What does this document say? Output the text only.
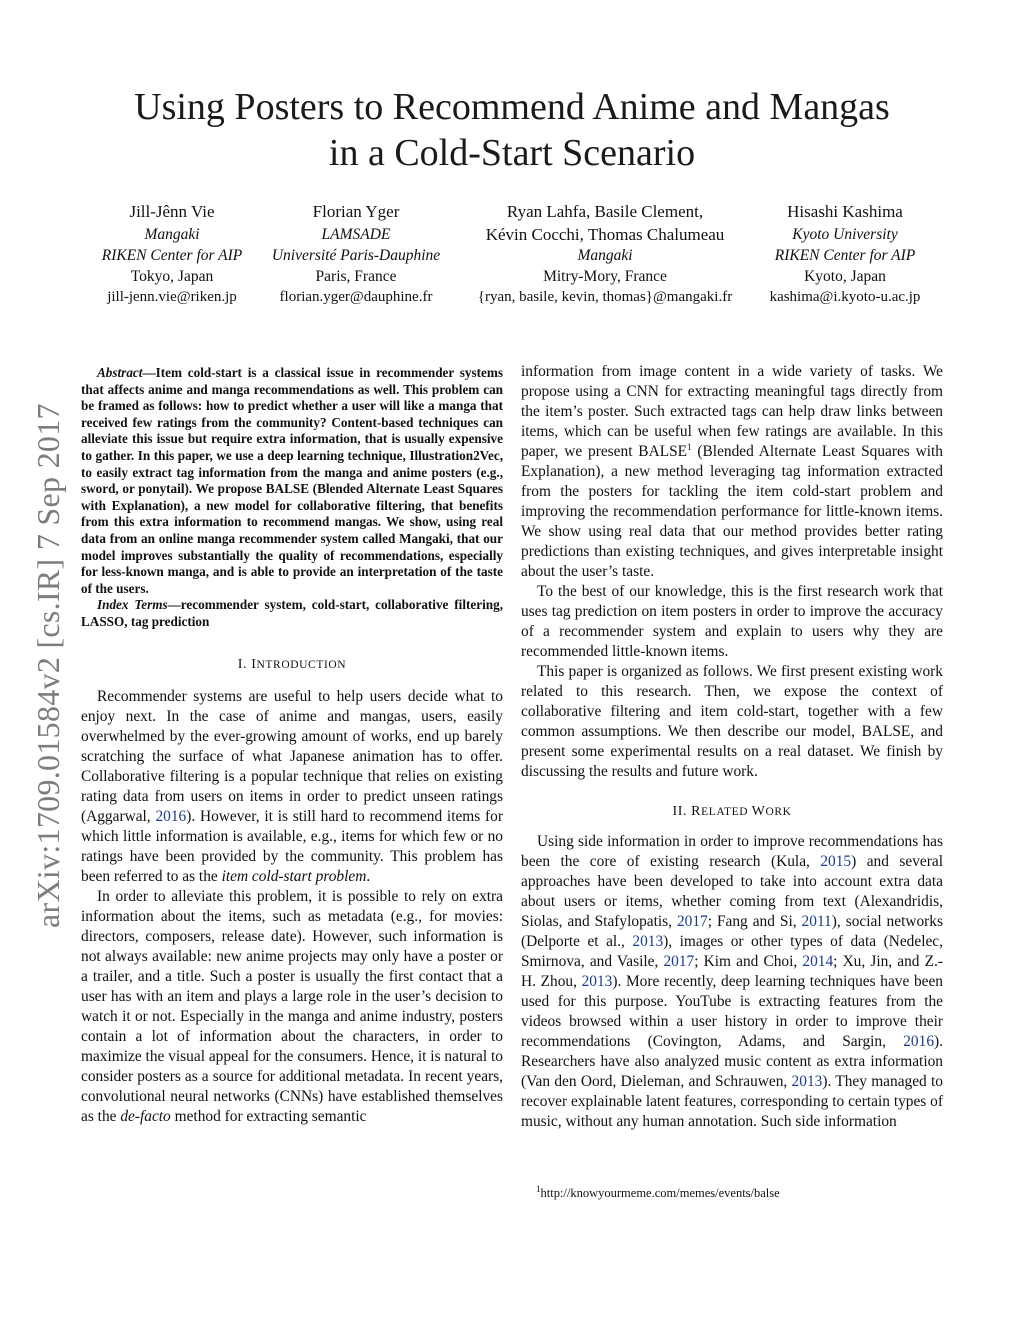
Using Posters to Recommend Anime and Mangas
in a Cold-Start Scenario
Jill-Jênn Vie
Mangaki
RIKEN Center for AIP
Tokyo, Japan
jill-jenn.vie@riken.jp
Florian Yger
LAMSADE
Université Paris-Dauphine
Paris, France
florian.yger@dauphine.fr
Ryan Lahfa, Basile Clement,
Kévin Cocchi, Thomas Chalumeau
Mangaki
Mitry-Mory, France
{ryan, basile, kevin, thomas}@mangaki.fr
Hisashi Kashima
Kyoto University
RIKEN Center for AIP
Kyoto, Japan
kashima@i.kyoto-u.ac.jp
arXiv:1709.01584v2 [cs.IR] 7 Sep 2017

Abstract—Item cold-start is a classical issue in recommender systems that affects anime and manga recommendations as well. This problem can be framed as follows: how to predict whether a user will like a manga that received few ratings from the community? Content-based techniques can alleviate this issue but require extra information, that is usually expensive to gather. In this paper, we use a deep learning technique, Illustration2Vec, to easily extract tag information from the manga and anime posters (e.g., sword, or ponytail). We propose BALSE (Blended Alternate Least Squares with Explanation), a new model for collaborative filtering, that benefits from this extra information to recommend mangas. We show, using real data from an online manga recommender system called Mangaki, that our model improves substantially the quality of recommendations, especially for less-known manga, and is able to provide an interpretation of the taste of the users.

Index Terms—recommender system, cold-start, collaborative filtering, LASSO, tag prediction

I. INTRODUCTION

Recommender systems are useful to help users decide what to enjoy next. In the case of anime and mangas, users, easily overwhelmed by the ever-growing amount of works, end up barely scratching the surface of what Japanese animation has to offer. Collaborative filtering is a popular technique that relies on existing rating data from users on items in order to predict unseen ratings (Aggarwal, 2016). However, it is still hard to recommend items for which little information is available, e.g., items for which few or no ratings have been provided by the community. This problem has been referred to as the item cold-start problem.

In order to alleviate this problem, it is possible to rely on extra information about the items, such as metadata (e.g., for movies: directors, composers, release date). However, such information is not always available: new anime projects may only have a poster or a trailer, and a title. Such a poster is usually the first contact that a user has with an item and plays a large role in the user’s decision to watch it or not. Especially in the manga and anime industry, posters contain a lot of information about the characters, in order to maximize the visual appeal for the consumers. Hence, it is natural to consider posters as a source for additional metadata. In recent years, convolutional neural networks (CNNs) have established themselves as the de-facto method for extracting semantic

information from image content in a wide variety of tasks. We propose using a CNN for extracting meaningful tags directly from the item’s poster. Such extracted tags can help draw links between items, which can be useful when few ratings are available. In this paper, we present BALSE$^1$ (Blended Alternate Least Squares with Explanation), a new method leveraging tag information extracted from the posters for tackling the item cold-start problem and improving the recommendation performance for little-known items. We show using real data that our method provides better rating predictions than existing techniques, and gives interpretable insight about the user’s taste.

To the best of our knowledge, this is the first research work that uses tag prediction on item posters in order to improve the accuracy of a recommender system and explain to users why they are recommended little-known items.

This paper is organized as follows. We first present existing work related to this research. Then, we expose the context of collaborative filtering and item cold-start, together with a few common assumptions. We then describe our model, BALSE, and present some experimental results on a real dataset. We finish by discussing the results and future work.

II. RELATED WORK

Using side information in order to improve recommendations has been the core of existing research (Kula, 2015) and several approaches have been developed to take into account extra data about users or items, whether coming from text (Alexandridis, Siolas, and Stafylopatis, 2017; Fang and Si, 2011), social networks (Delporte et al., 2013), images or other types of data (Nedelec, Smirnova, and Vasile, 2017; Kim and Choi, 2014; Xu, Jin, and Z.-H. Zhou, 2013). More recently, deep learning techniques have been used for this purpose. YouTube is extracting features from the videos browsed within a user history in order to improve their recommendations (Covington, Adams, and Sargin, 2016). Researchers have also analyzed music content as extra information (Van den Oord, Dieleman, and Schrauwen, 2013). They managed to recover explainable latent features, corresponding to certain types of music, without any human annotation. Such side information

$^1$http://knowyourmeme.com/memes/events/balse
